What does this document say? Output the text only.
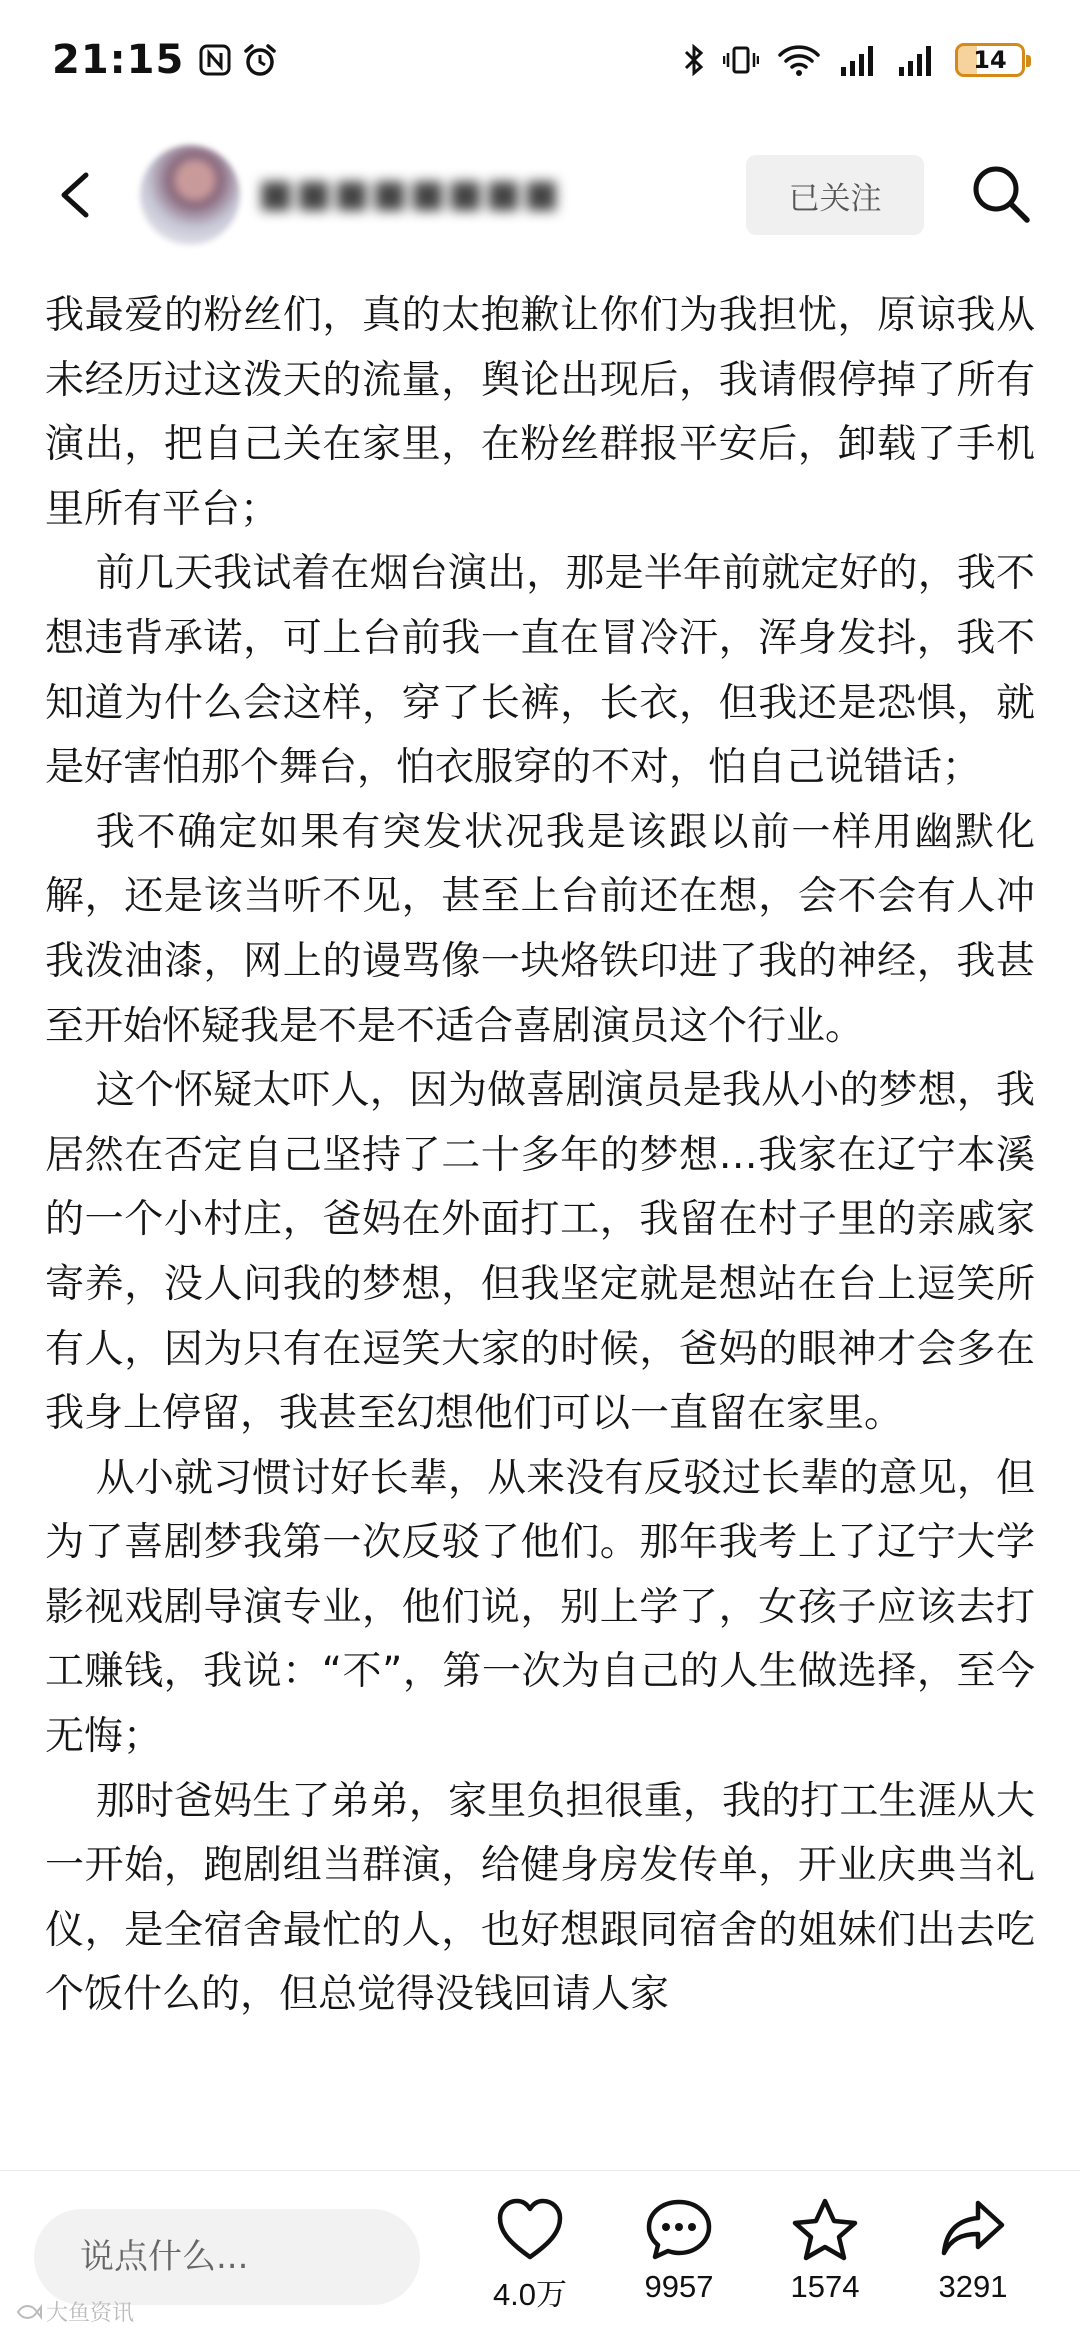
21:15	14
■■■■■■■■	已关注

我最爱的粉丝们，真的太抱歉让你们为我担忧，原谅我从未经历过这泼天的流量，舆论出现后，我请假停掉了所有演出，把自己关在家里，在粉丝群报平安后，卸载了手机里所有平台；

前几天我试着在烟台演出，那是半年前就定好的，我不想违背承诺，可上台前我一直在冒冷汗，浑身发抖，我不知道为什么会这样，穿了长裤，长衣，但我还是恐惧，就是好害怕那个舞台，怕衣服穿的不对，怕自己说错话；

我不确定如果有突发状况我是该跟以前一样用幽默化解，还是该当听不见，甚至上台前还在想，会不会有人冲我泼油漆，网上的谩骂像一块烙铁印进了我的神经，我甚至开始怀疑我是不是不适合喜剧演员这个行业。

这个怀疑太吓人，因为做喜剧演员是我从小的梦想，我居然在否定自己坚持了二十多年的梦想…我家在辽宁本溪的一个小村庄，爸妈在外面打工，我留在村子里的亲戚家寄养，没人问我的梦想，但我坚定就是想站在台上逗笑所有人，因为只有在逗笑大家的时候，爸妈的眼神才会多在我身上停留，我甚至幻想他们可以一直留在家里。

从小就习惯讨好长辈，从来没有反驳过长辈的意见，但为了喜剧梦我第一次反驳了他们。那年我考上了辽宁大学影视戏剧导演专业，他们说，别上学了，女孩子应该去打工赚钱，我说：“不”，第一次为自己的人生做选择，至今无悔；

那时爸妈生了弟弟，家里负担很重，我的打工生涯从大一开始，跑剧组当群演，给健身房发传单，开业庆典当礼仪，是全宿舍最忙的人，也好想跟同宿舍的姐妹们出去吃个饭什么的，但总觉得没钱回请人家

说点什么...
4.0万 9957 1574	3291
大鱼资讯
